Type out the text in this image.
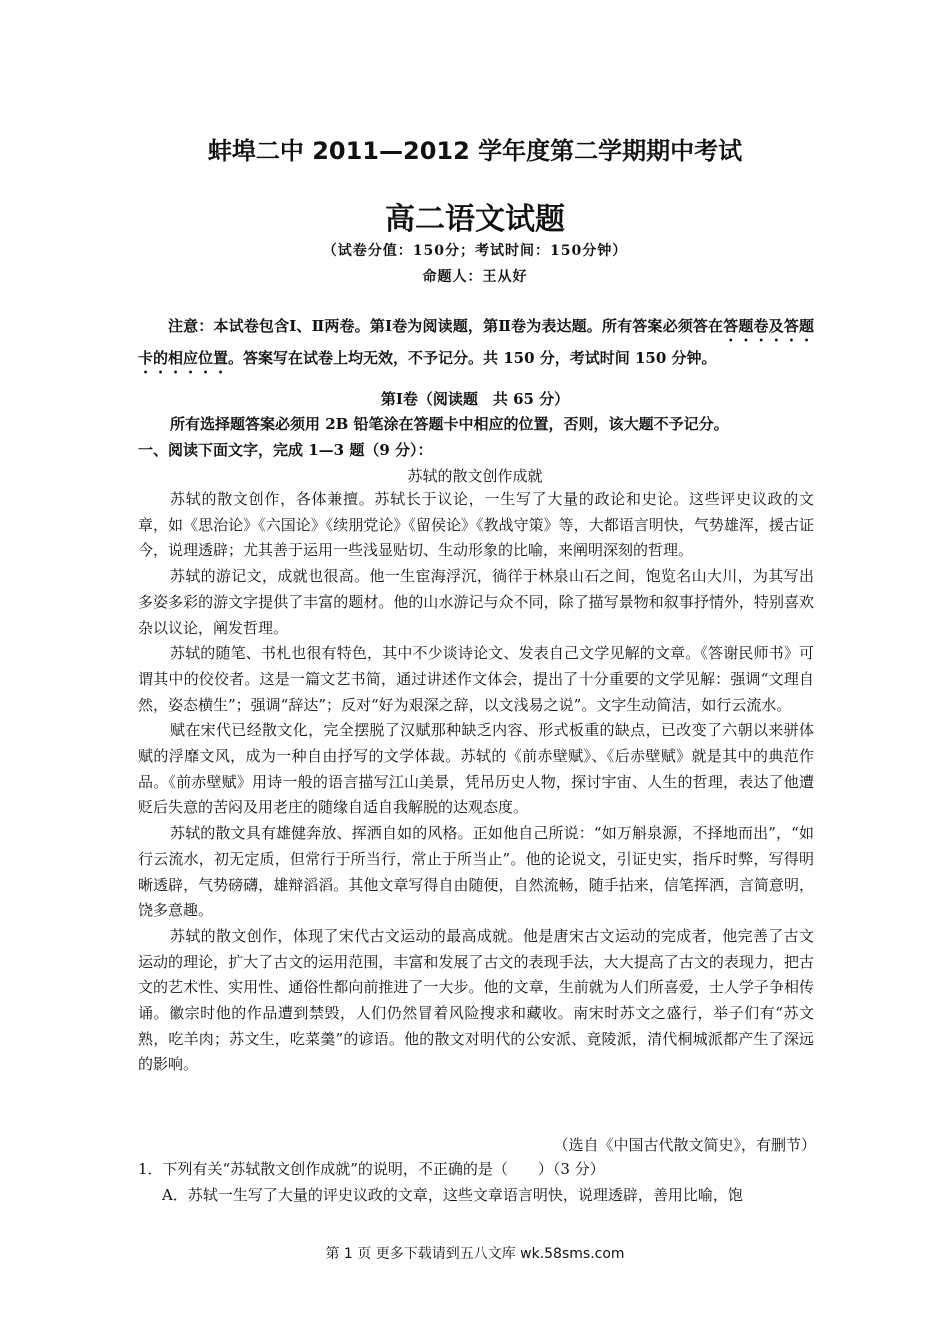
蚌埠二中 2011—2012 学年度第二学期期中考试
高二语文试题
（试卷分值：150分；考试时间：150分钟）
命题人：王从好

注意：本试卷包含Ⅰ、Ⅱ两卷。第Ⅰ卷为阅读题，第Ⅱ卷为表达题。所有答案必须答在答题卷及答题卡的相应位置。答案写在试卷上均无效，不予记分。共 150 分，考试时间 150 分钟。

第Ⅰ卷（阅读题　共 65 分）
所有选择题答案必须用 2B 铅笔涂在答题卡中相应的位置，否则，该大题不予记分。
一、阅读下面文字，完成 1—3 题（9 分）：
苏轼的散文创作成就

苏轼的散文创作，各体兼擅。苏轼长于议论，一生写了大量的政论和史论。这些评史议政的文章，如《思治论》《六国论》《续朋党论》《留侯论》《教战守策》等，大都语言明快，气势雄浑，援古证今，说理透辟；尤其善于运用一些浅显贴切、生动形象的比喻，来阐明深刻的哲理。

苏轼的游记文，成就也很高。他一生宦海浮沉，徜徉于林泉山石之间，饱览名山大川，为其写出多姿多彩的游文字提供了丰富的题材。他的山水游记与众不同，除了描写景物和叙事抒情外，特别喜欢杂以议论，阐发哲理。

苏轼的随笔、书札也很有特色，其中不少谈诗论文、发表自己文学见解的文章。《答谢民师书》可谓其中的佼佼者。这是一篇文艺书简，通过讲述作文体会，提出了十分重要的文学见解：强调“文理自然，姿态横生”；强调“辞达”；反对“好为艰深之辞，以文浅易之说”。文字生动简洁，如行云流水。

赋在宋代已经散文化，完全摆脱了汉赋那种缺乏内容、形式板重的缺点，已改变了六朝以来骈体赋的浮靡文风，成为一种自由抒写的文学体裁。苏轼的《前赤壁赋》、《后赤壁赋》就是其中的典范作品。《前赤壁赋》用诗一般的语言描写江山美景，凭吊历史人物，探讨宇宙、人生的哲理，表达了他遭贬后失意的苦闷及用老庄的随缘自适自我解脱的达观态度。

苏轼的散文具有雄健奔放、挥洒自如的风格。正如他自己所说：“如万斛泉源，不择地而出”，“如行云流水，初无定质，但常行于所当行，常止于所当止”。他的论说文，引证史实，指斥时弊，写得明晰透辟，气势磅礴，雄辩滔滔。其他文章写得自由随便，自然流畅，随手拈来，信笔挥洒，言简意明，饶多意趣。

苏轼的散文创作，体现了宋代古文运动的最高成就。他是唐宋古文运动的完成者，他完善了古文运动的理论，扩大了古文的运用范围，丰富和发展了古文的表现手法，大大提高了古文的表现力，把古文的艺术性、实用性、通俗性都向前推进了一大步。他的文章，生前就为人们所喜爱，士人学子争相传诵。徽宗时他的作品遭到禁毁，人们仍然冒着风险搜求和藏收。南宋时苏文之盛行，举子们有“苏文熟，吃羊肉；苏文生，吃菜羹”的谚语。他的散文对明代的公安派、竟陵派，清代桐城派都产生了深远的影响。

（选自《中国古代散文简史》，有删节）
1．下列有关“苏轼散文创作成就”的说明，不正确的是（　　）（3 分）
A．苏轼一生写了大量的评史议政的文章，这些文章语言明快，说理透辟，善用比喻，饱
第 1 页 更多下载请到五八文库 wk.58sms.com
